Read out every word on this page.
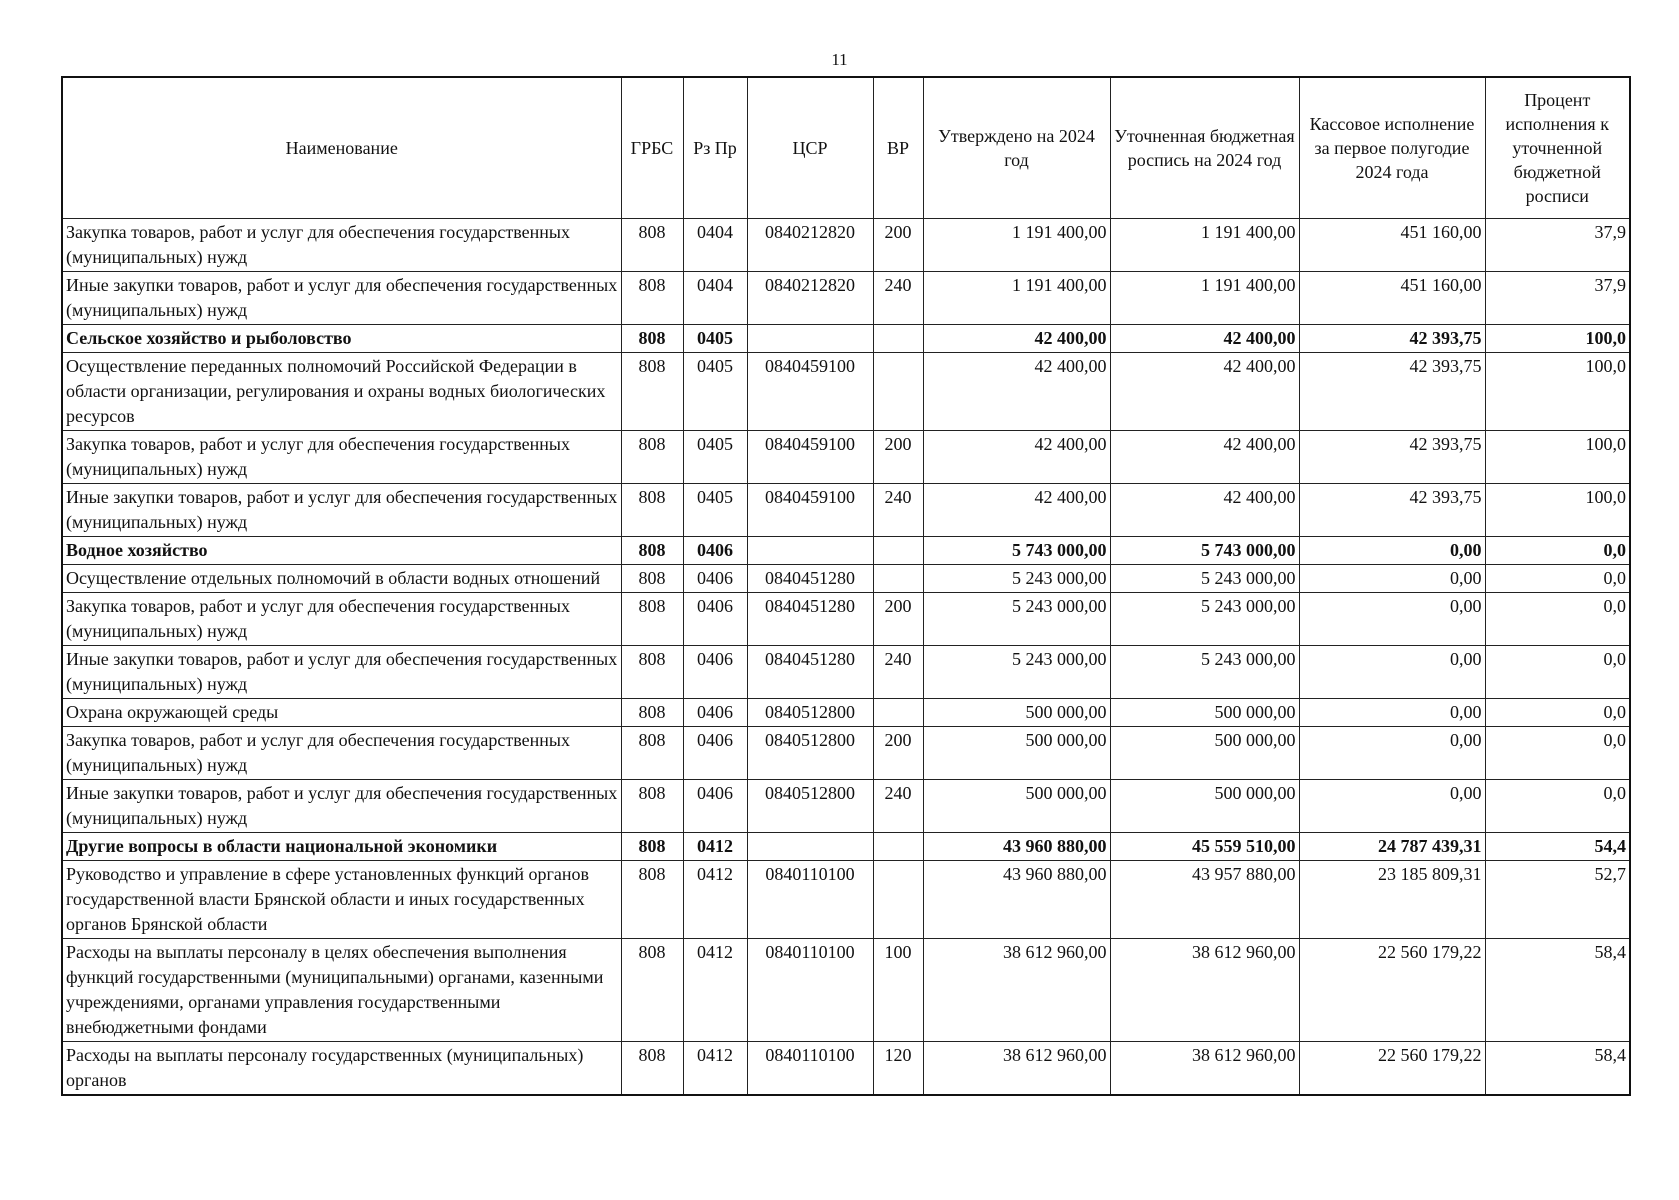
11
Наименование	ГРБС	Рз Пр	ЦСР	ВР	Утверждено на 2024 год	Уточненная бюджетная роспись на 2024 год	Кассовое исполнение за первое полугодие 2024 года	Процент исполнения к уточненной бюджетной росписи
Закупка товаров, работ и услуг для обеспечения государственных (муниципальных) нужд	808	0404	0840212820	200	1 191 400,00	1 191 400,00	451 160,00	37,9
Иные закупки товаров, работ и услуг для обеспечения государственных (муниципальных) нужд	808	0404	0840212820	240	1 191 400,00	1 191 400,00	451 160,00	37,9
Сельское хозяйство и рыболовство	808	0405			42 400,00	42 400,00	42 393,75	100,0
Осуществление переданных полномочий Российской Федерации в области организации, регулирования и охраны водных биологических ресурсов	808	0405	0840459100		42 400,00	42 400,00	42 393,75	100,0
Закупка товаров, работ и услуг для обеспечения государственных (муниципальных) нужд	808	0405	0840459100	200	42 400,00	42 400,00	42 393,75	100,0
Иные закупки товаров, работ и услуг для обеспечения государственных (муниципальных) нужд	808	0405	0840459100	240	42 400,00	42 400,00	42 393,75	100,0
Водное хозяйство	808	0406			5 743 000,00	5 743 000,00	0,00	0,0
Осуществление отдельных полномочий в области водных отношений	808	0406	0840451280		5 243 000,00	5 243 000,00	0,00	0,0
Закупка товаров, работ и услуг для обеспечения государственных (муниципальных) нужд	808	0406	0840451280	200	5 243 000,00	5 243 000,00	0,00	0,0
Иные закупки товаров, работ и услуг для обеспечения государственных (муниципальных) нужд	808	0406	0840451280	240	5 243 000,00	5 243 000,00	0,00	0,0
Охрана окружающей среды	808	0406	0840512800		500 000,00	500 000,00	0,00	0,0
Закупка товаров, работ и услуг для обеспечения государственных (муниципальных) нужд	808	0406	0840512800	200	500 000,00	500 000,00	0,00	0,0
Иные закупки товаров, работ и услуг для обеспечения государственных (муниципальных) нужд	808	0406	0840512800	240	500 000,00	500 000,00	0,00	0,0
Другие вопросы в области национальной экономики	808	0412			43 960 880,00	45 559 510,00	24 787 439,31	54,4
Руководство и управление в сфере установленных функций органов государственной власти Брянской области и иных государственных органов Брянской области	808	0412	0840110100		43 960 880,00	43 957 880,00	23 185 809,31	52,7
Расходы на выплаты персоналу в целях обеспечения выполнения функций государственными (муниципальными) органами, казенными учреждениями, органами управления государственными внебюджетными фондами	808	0412	0840110100	100	38 612 960,00	38 612 960,00	22 560 179,22	58,4
Расходы на выплаты персоналу государственных (муниципальных) органов	808	0412	0840110100	120	38 612 960,00	38 612 960,00	22 560 179,22	58,4
